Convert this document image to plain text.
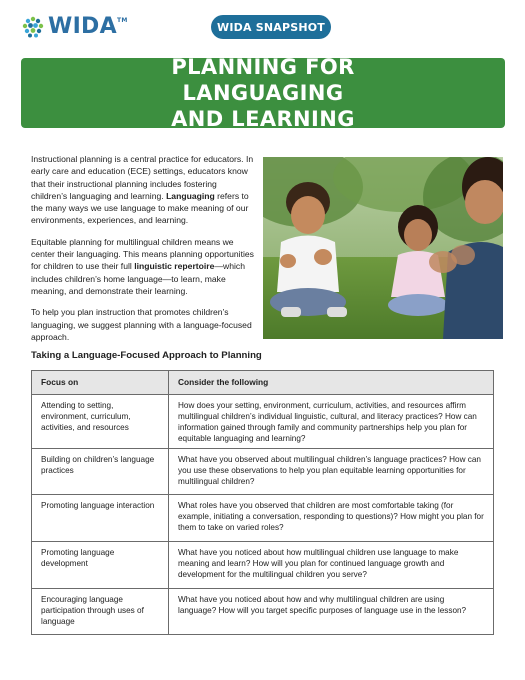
WIDA™	WIDA SNAPSHOT
PLANNING FOR LANGUAGING
AND LEARNING

Instructional planning is a central practice for educators. In early care and education (ECE) settings, educators know that their instructional planning includes fostering children’s languaging and learning. Languaging refers to the many ways we use language to make meaning of our environments, experiences, and learning.

Equitable planning for multilingual children means we center their languaging. This means planning opportunities for children to use their full linguistic repertoire—which includes children’s home language—to learn, make meaning, and demonstrate their learning.

To help you plan instruction that promotes children’s languaging, we suggest planning with a language-focused approach.

Taking a Language-Focused Approach to Planning

Focus on	Consider the following
Attending to setting, environment, curriculum, activities, and resources	How does your setting, environment, curriculum, activities, and resources affirm multilingual children’s individual linguistic, cultural, and literacy practices? How can information gained through family and community partnerships help you plan for equitable languaging and learning?
Building on children’s language practices	What have you observed about multilingual children’s language practices? How can you use these observations to help you plan equitable learning opportunities for multilingual children?
Promoting language interaction	What roles have you observed that children are most comfortable taking (for example, initiating a conversation, responding to questions)? How might you plan for them to take on varied roles?
Promoting language development	What have you noticed about how multilingual children use language to make meaning and learn? How will you plan for continued language growth and development for the multilingual children you serve?
Encouraging language participation through uses of language	What have you noticed about how and why multilingual children are using language? How will you target specific purposes of language use in the lesson?
